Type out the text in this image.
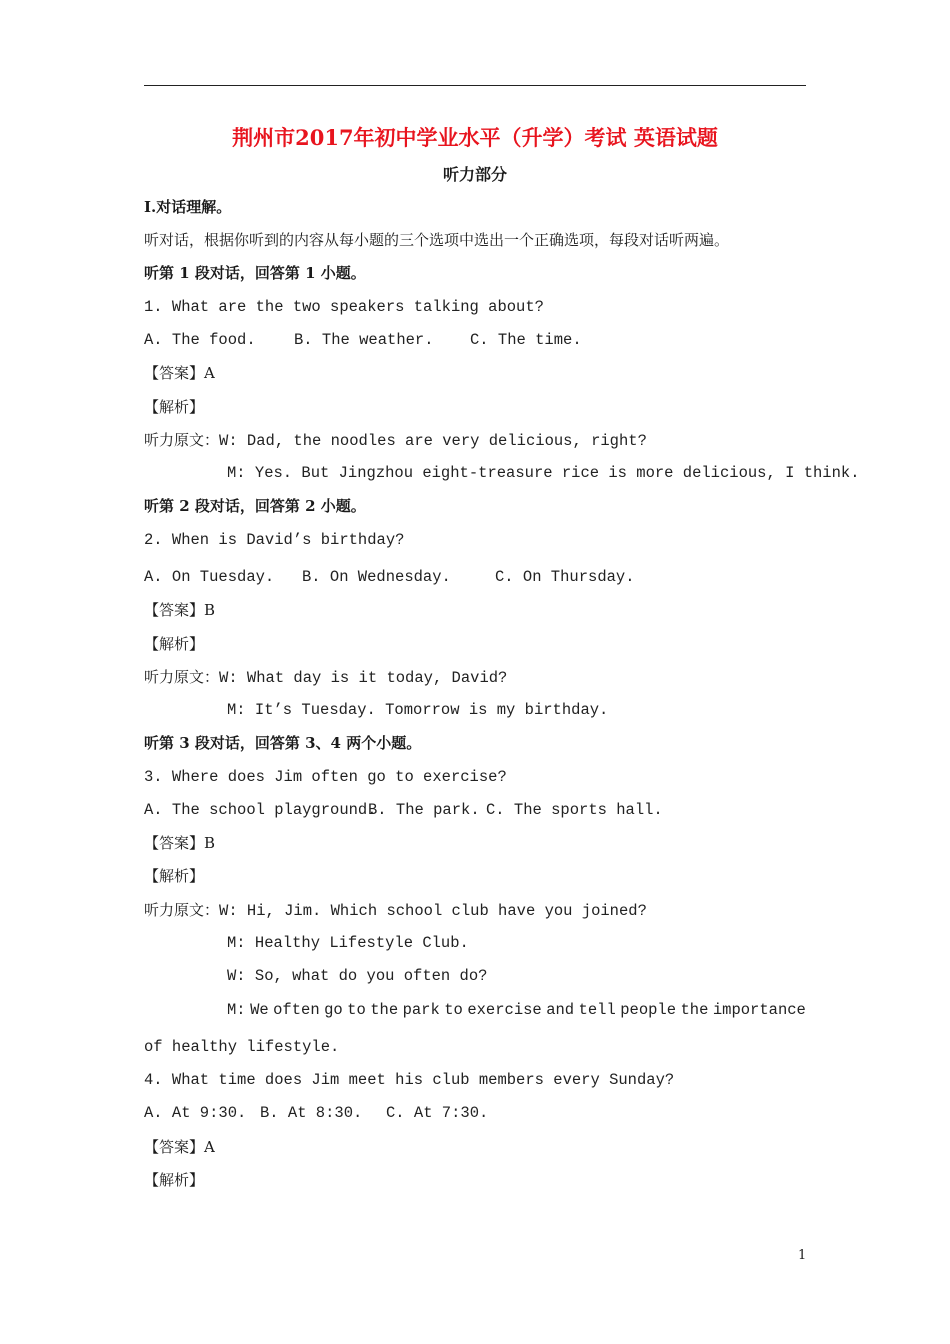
荆州市2017年初中学业水平（升学）考试 英语试题
听力部分
I.对话理解。
听对话，根据你听到的内容从每小题的三个选项中选出一个正确选项，每段对话听两遍。
听第 1 段对话，回答第 1 小题。
1. What are the two speakers talking about?
A. The food. B. The weather. C. The time.
【答案】A
【解析】
听力原文：W: Dad, the noodles are very delicious, right?
M: Yes. But Jingzhou eight-treasure rice is more delicious, I think.
听第 2 段对话，回答第 2 小题。
2. When is David’s birthday?
A. On Tuesday. B. On Wednesday.	C. On Thursday.
【答案】B
【解析】
听力原文：W: What day is it today, David?
M: It’s Tuesday. Tomorrow is my birthday.
听第 3 段对话，回答第 3、4 两个小题。
3. Where does Jim often go to exercise?
A. The school playground.
B. The park. C. The sports hall.
【答案】B
【解析】
听力原文：W: Hi, Jim. Which school club have you joined?
M: Healthy Lifestyle Club.
W: So, what do you often do?
M: We often go to the park to exercise and tell people the importance
of healthy lifestyle.
4. What time does Jim meet his club members every Sunday?
A. At 9:30. B. At 8:30. C. At 7:30.
【答案】A
【解析】
1
